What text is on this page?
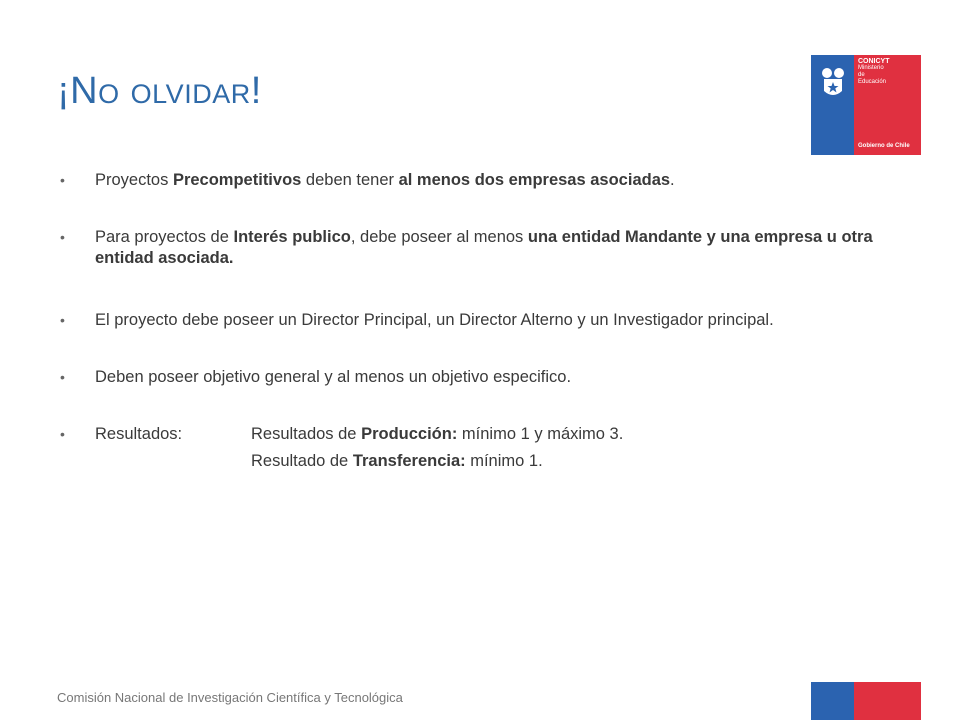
¡No olvidar!
CONICYT
Ministerio de Educación
Gobierno de Chile
•	Proyectos Precompetitivos deben tener al menos dos empresas asociadas.
•	Para proyectos de Interés publico, debe poseer al menos una entidad Mandante y una empresa u otra entidad asociada.
•	El proyecto debe poseer un Director Principal, un Director Alterno y un Investigador principal.
•	Deben poseer objetivo general y al menos un objetivo especifico.
•	Resultados:	Resultados de Producción: mínimo 1 y máximo 3.
Resultado de Transferencia: mínimo 1.
Comisión Nacional de Investigación Científica y Tecnológica
